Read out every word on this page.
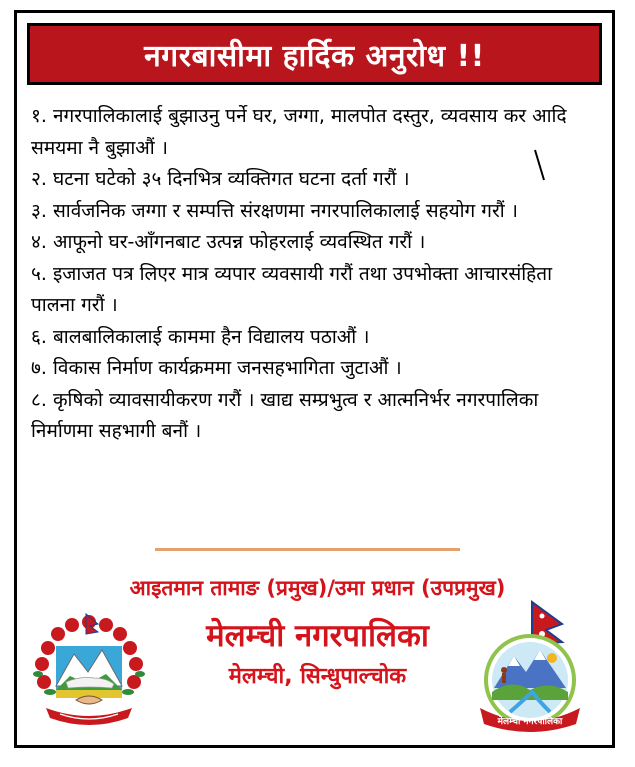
नगरबासीमा हार्दिक अनुरोध !!

१. नगरपालिकालाई बुझाउनु पर्ने घर, जग्गा, मालपोत दस्तुर, व्यवसाय कर आदि समयमा नै बुझाऔं ।

२. घटना घटेको ३५ दिनभित्र व्यक्तिगत घटना दर्ता गरौं ।

३. सार्वजनिक जग्गा र सम्पत्ति संरक्षणमा नगरपालिकालाई सहयोग गरौं ।

४. आफूनो घर-आँगनबाट उत्पन्न फोहरलाई व्यवस्थित गरौं ।

५. इजाजत पत्र लिएर मात्र व्यपार व्यवसायी गरौं तथा उपभोक्ता आचारसंहिता पालना गरौं ।

६. बालबालिकालाई काममा हैन विद्यालय पठाऔं ।

७. विकास निर्माण कार्यक्रममा जनसहभागिता जुटाऔं ।

८. कृषिको व्यावसायीकरण गरौं । खाद्य सम्प्रभुत्व र आत्मनिर्भर नगरपालिका निर्माणमा सहभागी बनौं ।

आइतमान तामाङ (प्रमुख)/उमा प्रधान (उपप्रमुख)
मेलम्ची नगरपालिका
मेलम्ची, सिन्धुपाल्चोक
मेलम्ची नगरपालिका
